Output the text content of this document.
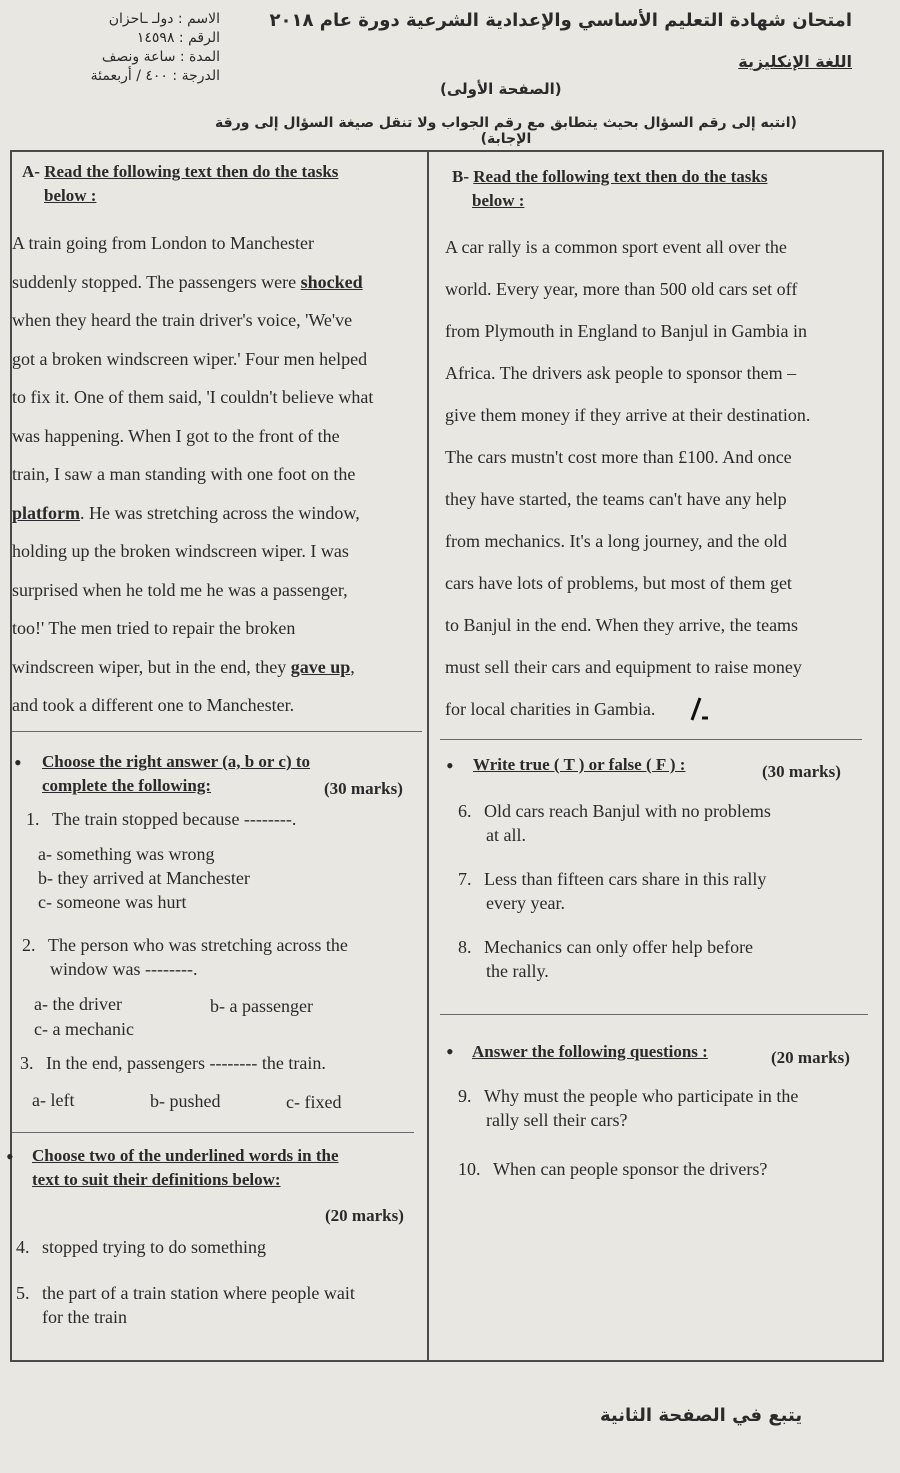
امتحان شهادة التعليم الأساسي والإعدادية الشرعية دورة عام ٢٠١٨
اللغة الإنكليزية
الاسم : دولـ ـاحزان
الرقم : ١٤٥٩٨
المدة : ساعة ونصف
الدرجة : ٤٠٠ / أربعمئة
(الصفحة الأولى)
(انتبه إلى رقم السؤال بحيث يتطابق مع رقم الجواب ولا تنقل صيغة السؤال إلى ورقة الإجابة)
A- Read the following text then do the tasks
below :
A train going from London to Manchester
suddenly stopped. The passengers were shocked
when they heard the train driver's voice, 'We've
got a broken windscreen wiper.' Four men helped
to fix it. One of them said, 'I couldn't believe what
was happening. When I got to the front of the
train, I saw a man standing with one foot on the
platform. He was stretching across the window,
holding up the broken windscreen wiper. I was
surprised when he told me he was a passenger,
too!' The men tried to repair the broken
windscreen wiper, but in the end, they gave up,
and took a different one to Manchester.
• Choose the right answer (a, b or c) to
complete the following:	(30 marks)
1. The train stopped because --------.
a- something was wrong
b- they arrived at Manchester
c- someone was hurt
2. The person who was stretching across the
window was --------.
a- the driver	b- a passenger
c- a mechanic
3. In the end, passengers -------- the train.
a- left	b- pushed	c- fixed
• Choose two of the underlined words in the
text to suit their definitions below:
(20 marks)
4. stopped trying to do something
5. the part of a train station where people wait
for the train
B- Read the following text then do the tasks
below :
A car rally is a common sport event all over the
world. Every year, more than 500 old cars set off
from Plymouth in England to Banjul in Gambia in
Africa. The drivers ask people to sponsor them –
give them money if they arrive at their destination.
The cars mustn't cost more than £100. And once
they have started, the teams can't have any help
from mechanics. It's a long journey, and the old
cars have lots of problems, but most of them get
to Banjul in the end. When they arrive, the teams
must sell their cars and equipment to raise money
for local charities in Gambia.
• Write true ( T ) or false ( F ) :	(30 marks)
6. Old cars reach Banjul with no problems
at all.
7. Less than fifteen cars share in this rally
every year.
8. Mechanics can only offer help before
the rally.
• Answer the following questions :	(20 marks)
9. Why must the people who participate in the
rally sell their cars?
10. When can people sponsor the drivers?
يتبع في الصفحة الثانية
